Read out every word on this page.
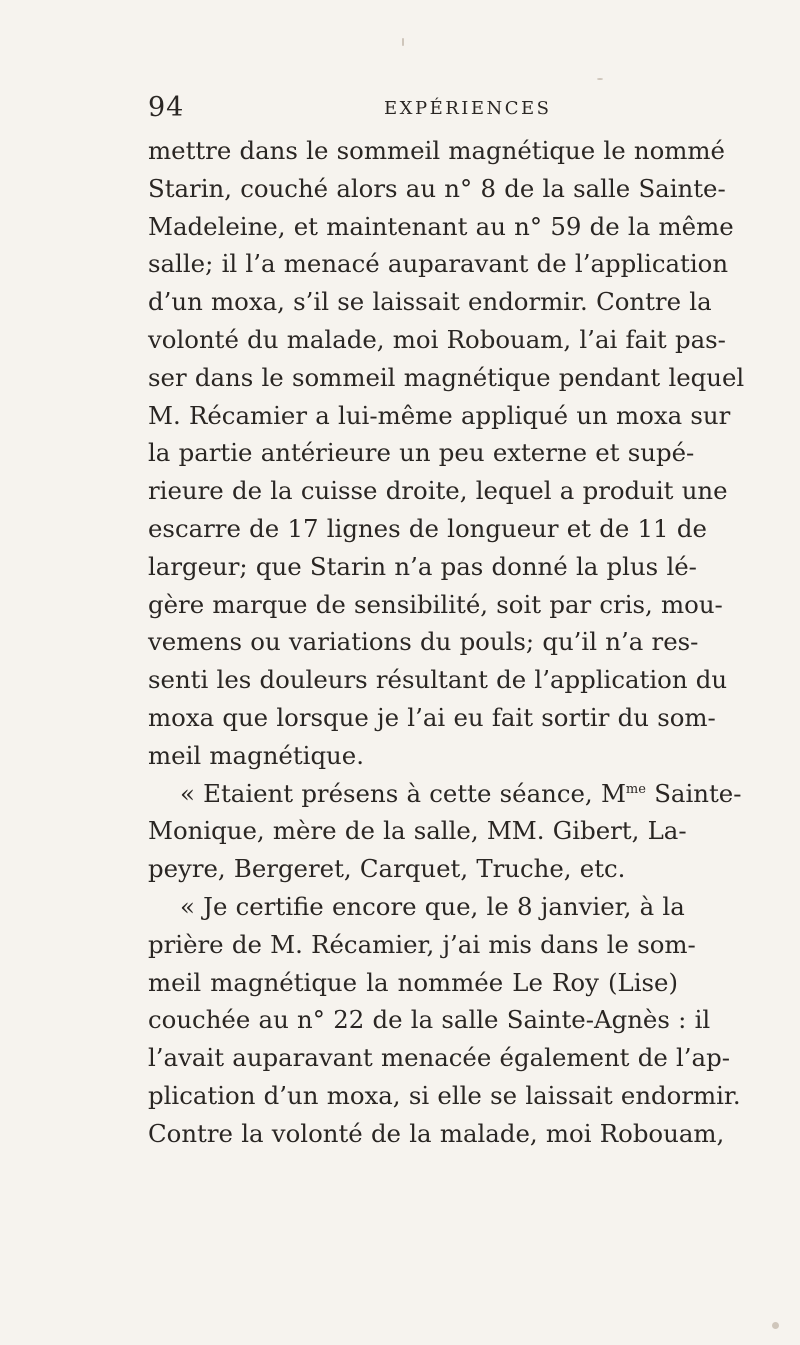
94	EXPÉRIENCES
mettre dans le sommeil magnétique le nommé
Starin, couché alors au n° 8 de la salle Sainte-
Madeleine, et maintenant au n° 59 de la même
salle; il l’a menacé auparavant de l’application
d’un moxa, s’il se laissait endormir. Contre la
volonté du malade, moi Robouam, l’ai fait pas-
ser dans le sommeil magnétique pendant lequel
M. Récamier a lui-même appliqué un moxa sur
la partie antérieure un peu externe et supé-
rieure de la cuisse droite, lequel a produit une
escarre de 17 lignes de longueur et de 11 de
largeur; que Starin n’a pas donné la plus lé-
gère marque de sensibilité, soit par cris, mou-
vemens ou variations du pouls; qu’il n’a res-
senti les douleurs résultant de l’application du
moxa que lorsque je l’ai eu fait sortir du som-
meil magnétique.
« Etaient présens à cette séance, $M^{me}$ Sainte-
Monique, mère de la salle, MM. Gibert, La-
peyre, Bergeret, Carquet, Truche, etc.
« Je certifie encore que, le 8 janvier, à la
prière de M. Récamier, j’ai mis dans le som-
meil magnétique la nommée Le Roy (Lise)
couchée au n° 22 de la salle Sainte-Agnès : il
l’avait auparavant menacée également de l’ap-
plication d’un moxa, si elle se laissait endormir.
Contre la volonté de la malade, moi Robouam,
